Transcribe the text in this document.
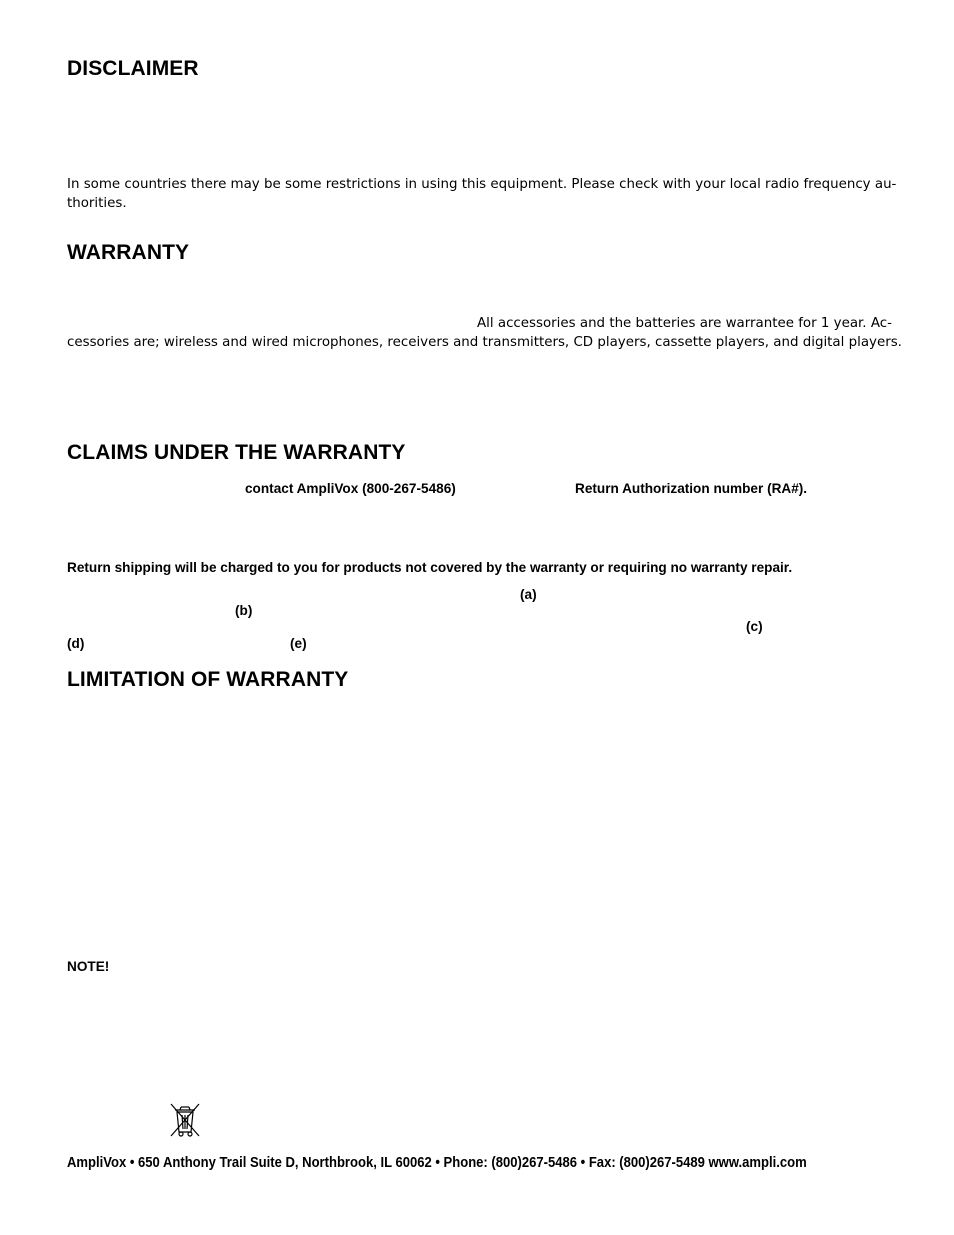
DISCLAIMER
In some countries there may be some restrictions in using this equipment. Please check with your local radio frequency au-
thorities.
WARRANTY
All accessories and the batteries are warrantee for 1 year. Ac-
cessories are; wireless and wired microphones, receivers and transmitters, CD players, cassette players, and digital players.
CLAIMS UNDER THE WARRANTY
contact AmpliVox (800-267-5486)	Return Authorization number (RA#).
Return shipping will be charged to you for products not covered by the warranty or requiring no warranty repair.
(a)
(b)
(c)
(d)	(e)
LIMITATION OF WARRANTY
NOTE!
AmpliVox • 650 Anthony Trail Suite D, Northbrook, IL 60062 • Phone: (800)267-5486 • Fax: (800)267-5489 www.ampli.com
